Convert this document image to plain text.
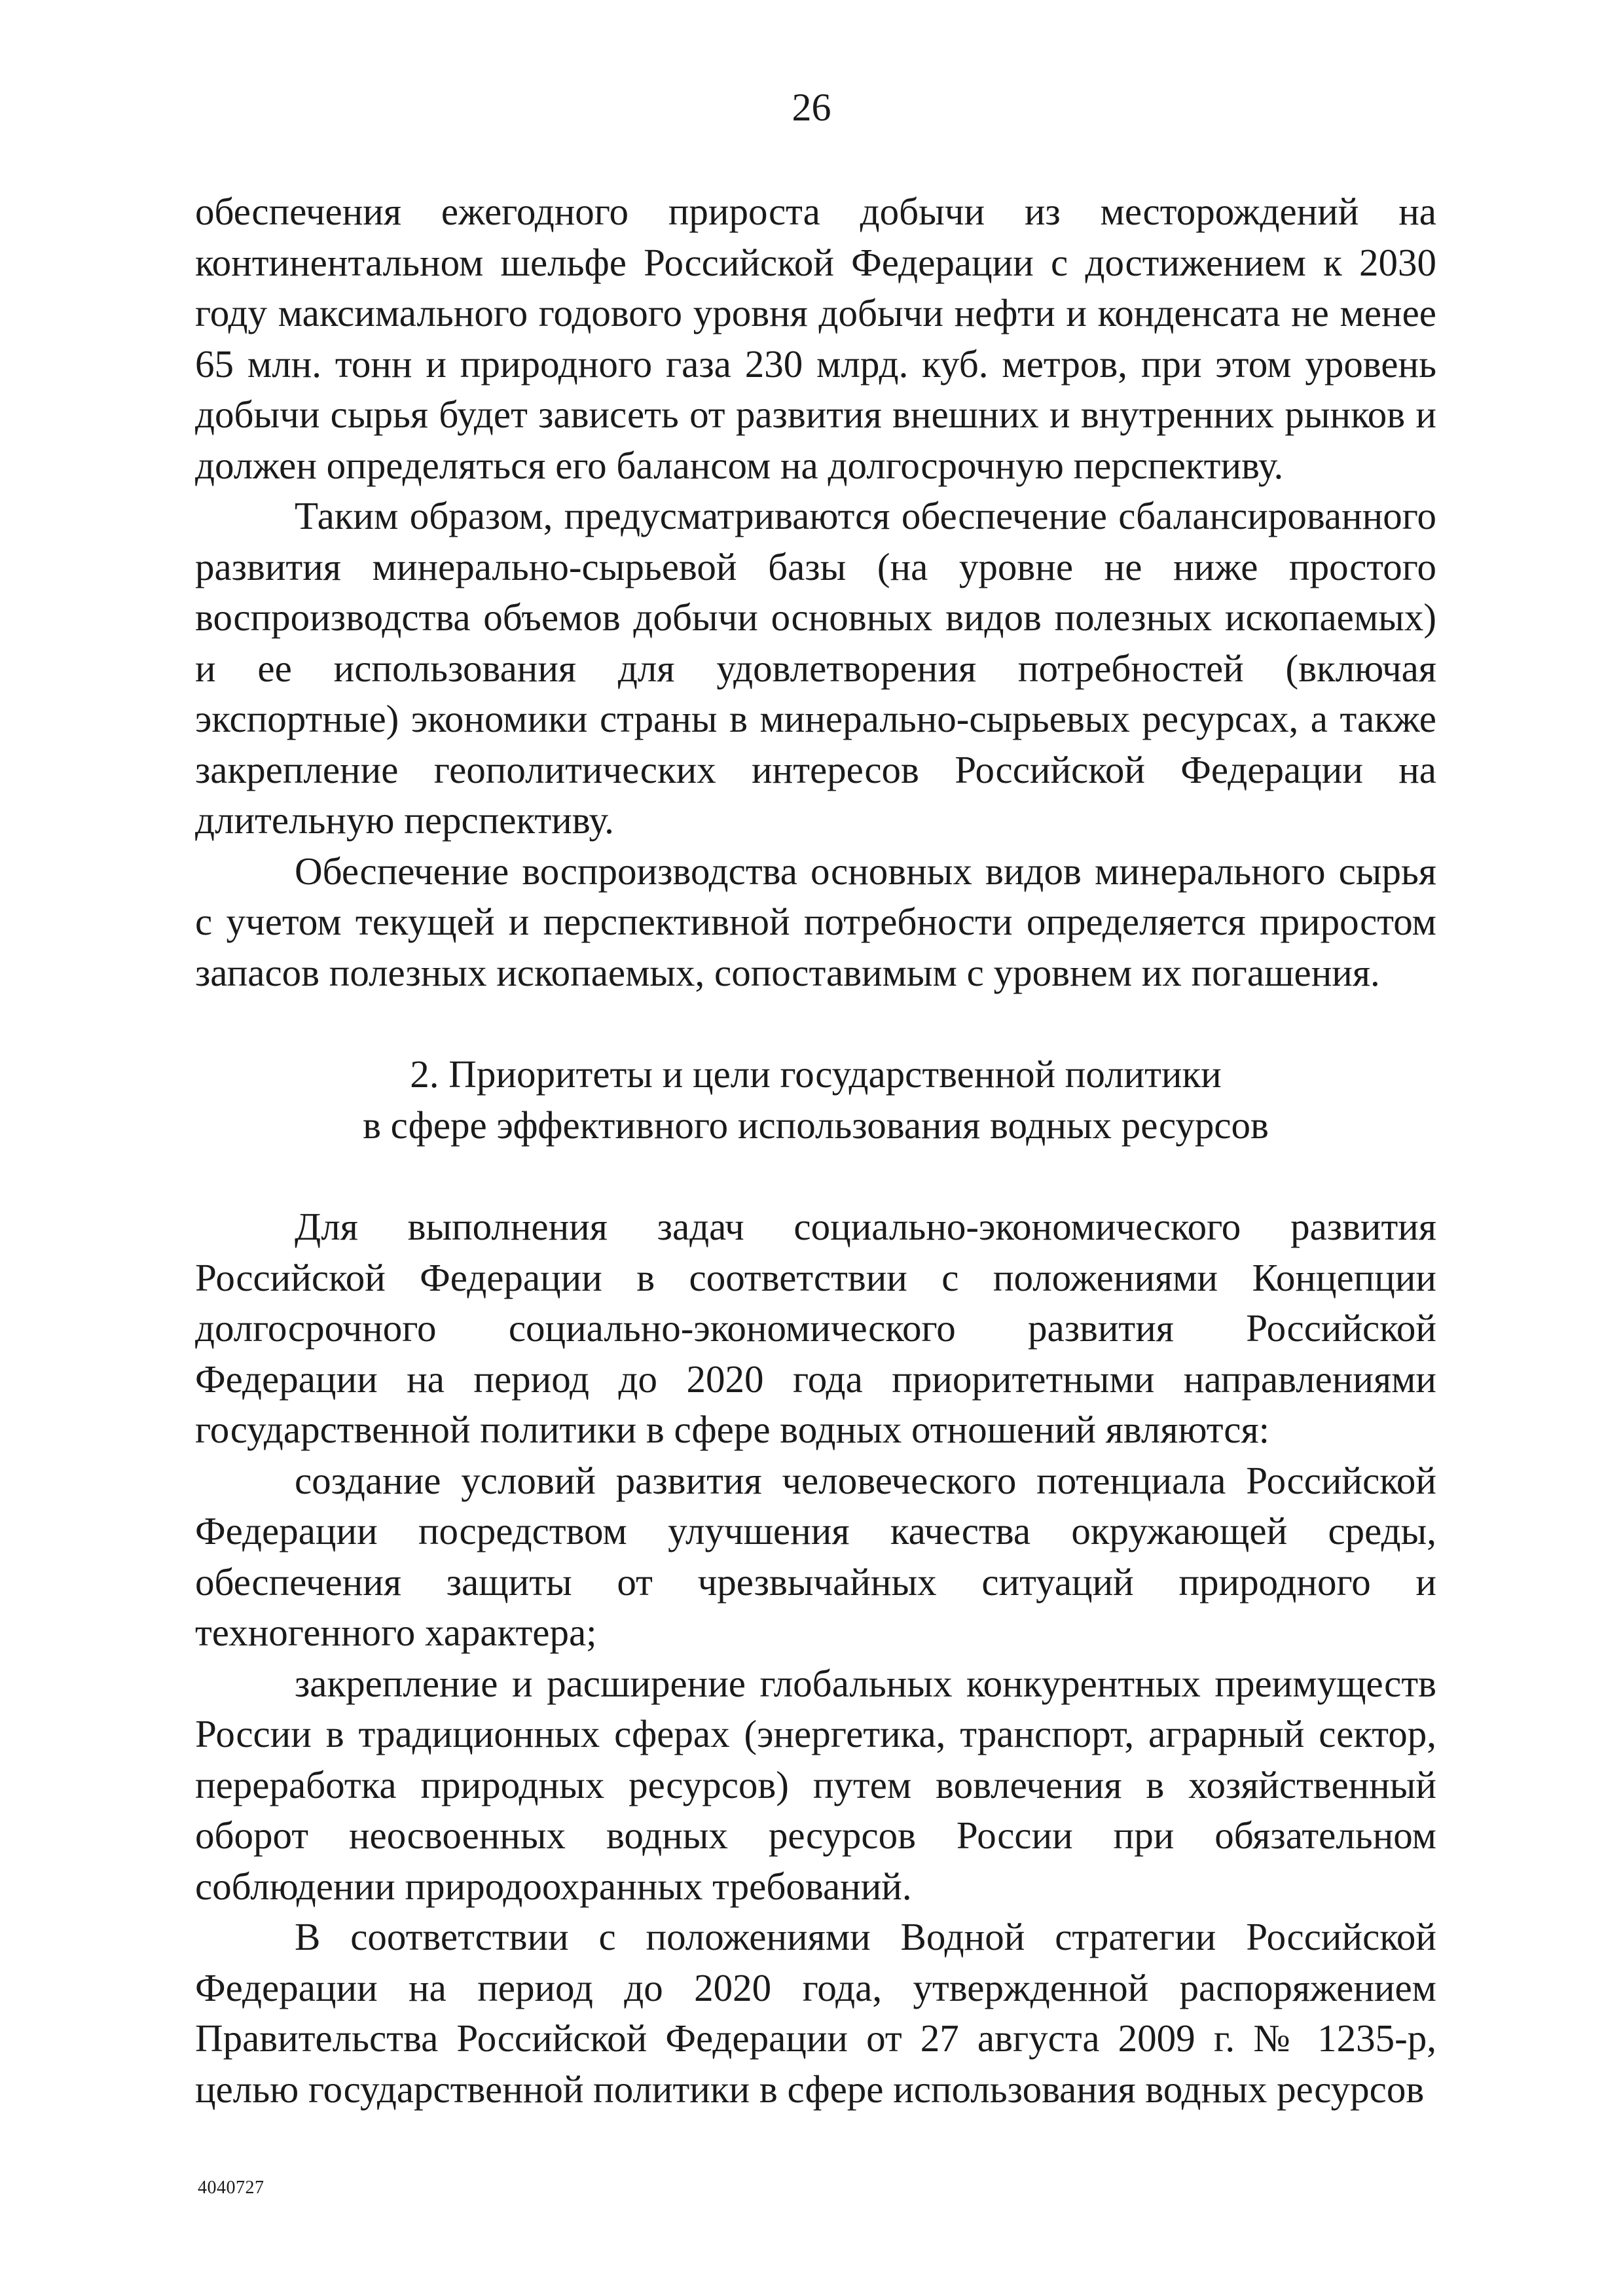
26

обеспечения ежегодного прироста добычи из месторождений на континентальном шельфе Российской Федерации с достижением к 2030 году максимального годового уровня добычи нефти и конденсата не менее 65 млн. тонн и природного газа 230 млрд. куб. метров, при этом уровень добычи сырья будет зависеть от развития внешних и внутренних рынков и должен определяться его балансом на долгосрочную перспективу.

Таким образом, предусматриваются обеспечение сбалансированного развития минерально-сырьевой базы (на уровне не ниже простого воспроизводства объемов добычи основных видов полезных ископаемых) и ее использования для удовлетворения потребностей (включая экспортные) экономики страны в минерально-сырьевых ресурсах, а также закрепление геополитических интересов Российской Федерации на длительную перспективу.

Обеспечение воспроизводства основных видов минерального сырья с учетом текущей и перспективной потребности определяется приростом запасов полезных ископаемых, сопоставимым с уровнем их погашения.

2. Приоритеты и цели государственной политики
в сфере эффективного использования водных ресурсов

Для выполнения задач социально-экономического развития Российской Федерации в соответствии с положениями Концепции долгосрочного социально-экономического развития Российской Федерации на период до 2020 года приоритетными направлениями государственной политики в сфере водных отношений являются:

создание условий развития человеческого потенциала Российской Федерации посредством улучшения качества окружающей среды, обеспечения защиты от чрезвычайных ситуаций природного и техногенного характера;

закрепление и расширение глобальных конкурентных преимуществ России в традиционных сферах (энергетика, транспорт, аграрный сектор, переработка природных ресурсов) путем вовлечения в хозяйственный оборот неосвоенных водных ресурсов России при обязательном соблюдении природоохранных требований.

В соответствии с положениями Водной стратегии Российской Федерации на период до 2020 года, утвержденной распоряжением Правительства Российской Федерации от 27 августа 2009 г. № 1235-р, целью государственной политики в сфере использования водных ресурсов

4040727
